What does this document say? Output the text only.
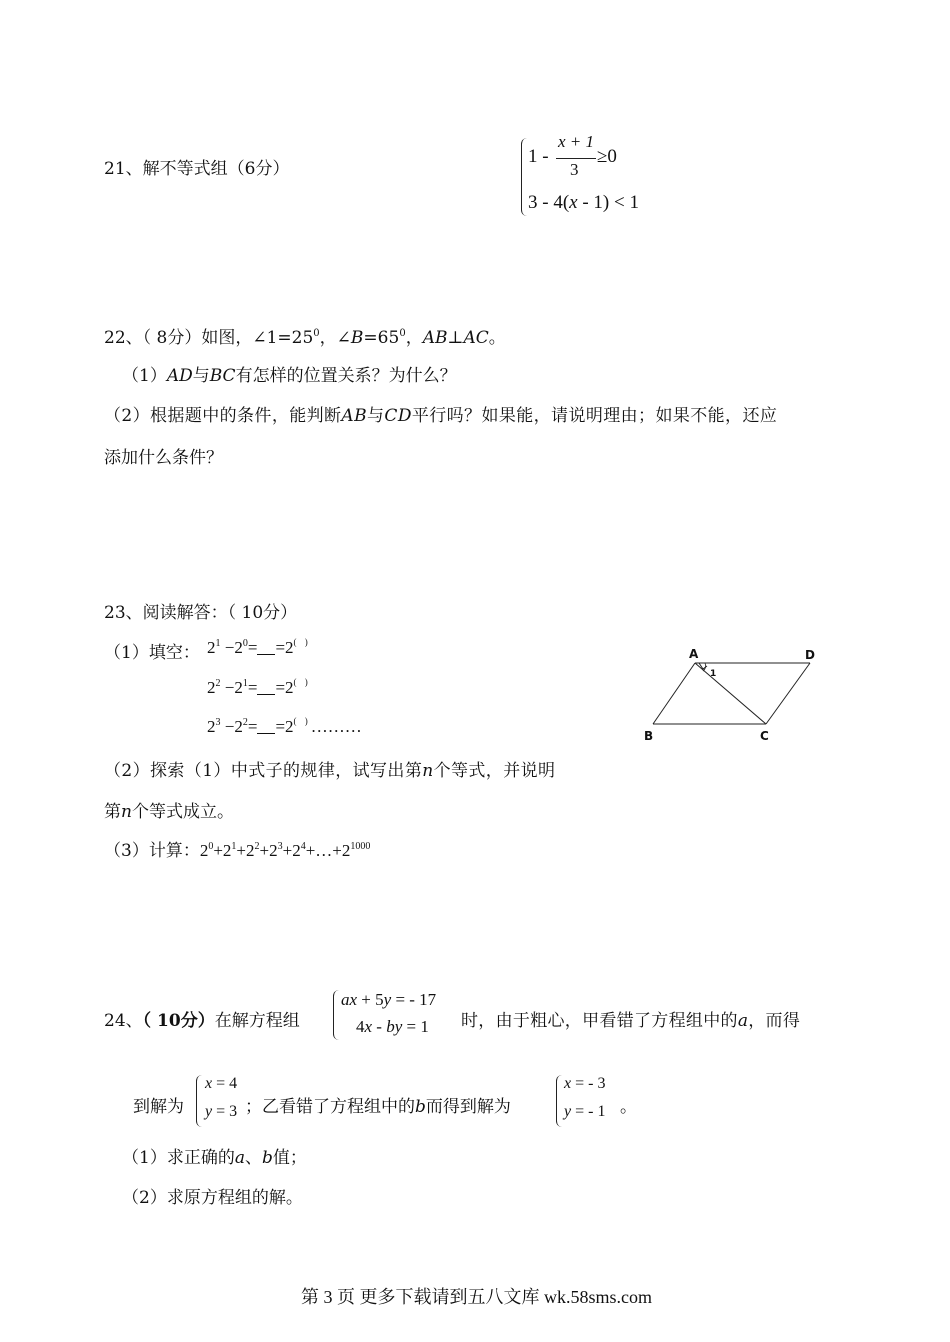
21、解不等式组（6分）
1 -
x + 1
3
≥0
3 - 4(x - 1) < 1
22、（ 8分）如图，$\angle 1=25^0$，$\angle B=65^0$，AB⊥AC。
（1）AD与BC有怎样的位置关系？为什么？
（2）根据题中的条件，能判断AB与CD平行吗？如果能，请说明理由；如果不能，还应
添加什么条件？
23、阅读解答：（ 10分）
（1）填空： $2^1 -2^0= =2^{( )}$
$2^2 -2^1= =2^{( )}$
$2^3 -2^2=$ =2( )………
（2）探索（1）中式子的规律，试写出第n个等式，并说明
第n个等式成立。
（3）计算：$2^0+2^1+2^2+2^3+2^4+\dots+2^{1000}$
A	D
B	C
1
24、（ 10分）在解方程组
ax + 5y = - 17
4x - by = 1 时，由于粗心，甲看错了方程组中的a，而得
到解为
x = 4
y = 3 ；乙看错了方程组中的b而得到解为
x = - 3
y = - 1 。
（1）求正确的a、b值；
（2）求原方程组的解。
第 3 页 更多下载请到五八文库 wk.58sms.com
